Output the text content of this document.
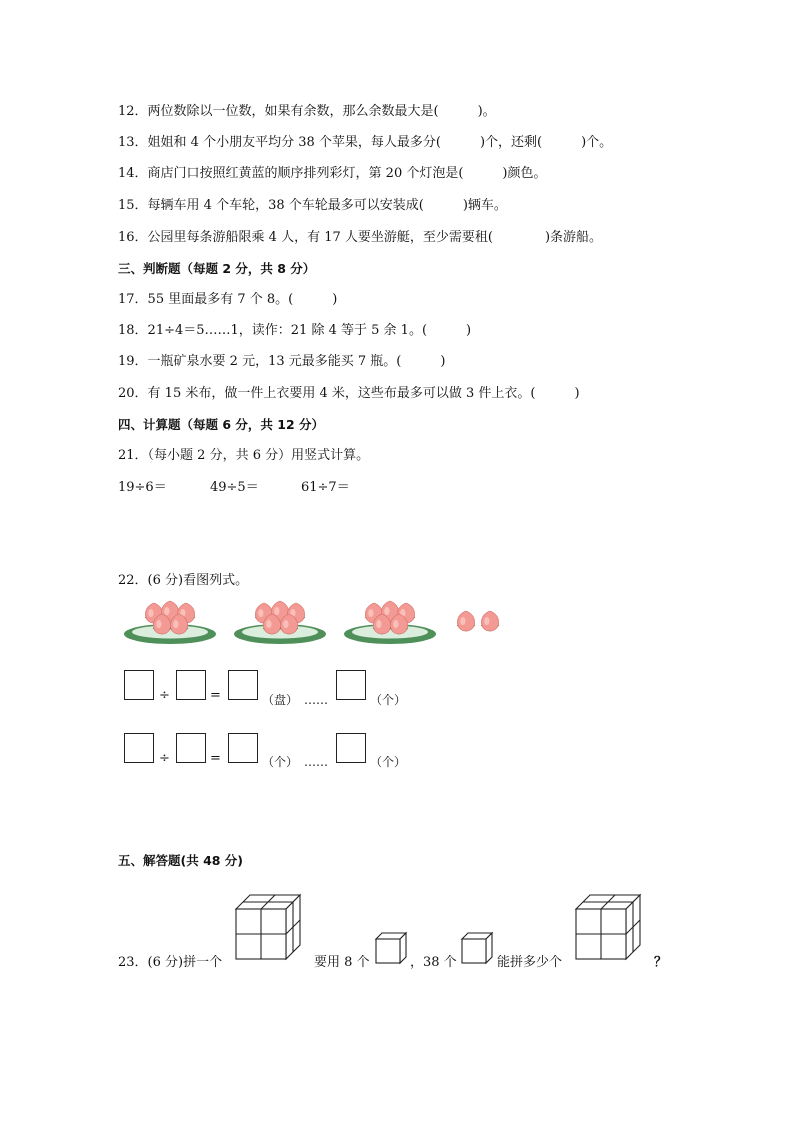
12．两位数除以一位数，如果有余数，那么余数最大是(　　　)。
13．姐姐和 4 个小朋友平均分 38 个苹果，每人最多分(　　　)个，还剩(　　　)个。
14．商店门口按照红黄蓝的顺序排列彩灯，第 20 个灯泡是(　　　)颜色。
15．每辆车用 4 个车轮，38 个车轮最多可以安装成(　　　)辆车。
16．公园里每条游船限乘 4 人，有 17 人要坐游艇，至少需要租(　　　　)条游船。
三、判断题（每题 2 分，共 8 分）
17．55 里面最多有 7 个 8。(　　　)
18．21÷4＝5……1，读作：21 除 4 等于 5 余 1。(　　　)
19．一瓶矿泉水要 2 元，13 元最多能买 7 瓶。(　　　)
20．有 15 米布，做一件上衣要用 4 米，这些布最多可以做 3 件上衣。(　　　)
四、计算题（每题 6 分，共 12 分）
21．（每小题 2 分，共 6 分）用竖式计算。
19÷6＝	49÷5＝	61÷7＝
22．(6 分)看图列式。
÷	=	（盘） ……	（个）
÷	=	（个） ……	（个）
五、解答题(共 48 分)
23．(6 分)拼一个	要用 8 个	，38 个	能拼多少个	？
